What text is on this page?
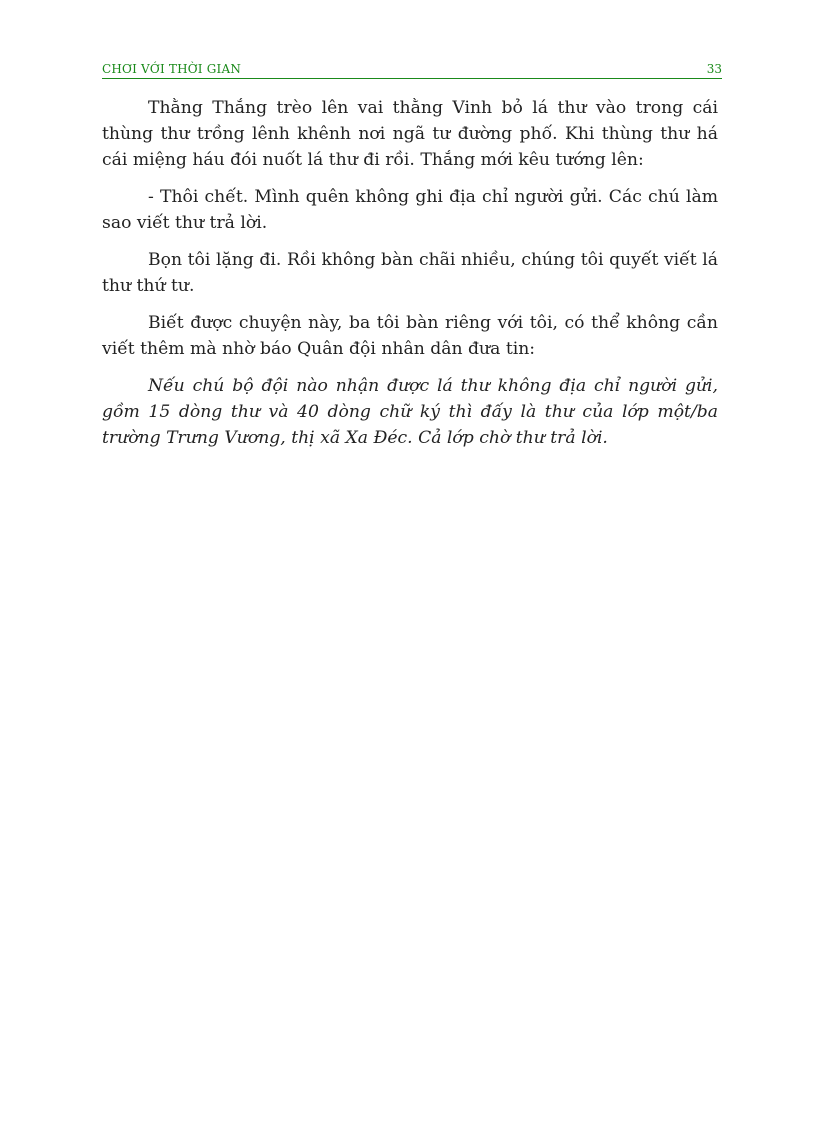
CHƠI VỚI THỜI GIAN	33

Thằng Thắng trèo lên vai thằng Vinh bỏ lá thư vào trong cái thùng thư trồng lênh khênh nơi ngã tư đường phố. Khi thùng thư há cái miệng háu đói nuốt lá thư đi rồi. Thắng mới kêu tướng lên:

- Thôi chết. Mình quên không ghi địa chỉ người gửi. Các chú làm sao viết thư trả lời.

Bọn tôi lặng đi. Rồi không bàn chãi nhiều, chúng tôi quyết viết lá thư thứ tư.

Biết được chuyện này, ba tôi bàn riêng với tôi, có thể không cần viết thêm mà nhờ báo Quân đội nhân dân đưa tin:

Nếu chú bộ đội nào nhận được lá thư không địa chỉ người gửi, gồm 15 dòng thư và 40 dòng chữ ký thì đấy là thư của lớp một/ba trường Trưng Vương, thị xã Xa Đéc. Cả lớp chờ thư trả lời.
